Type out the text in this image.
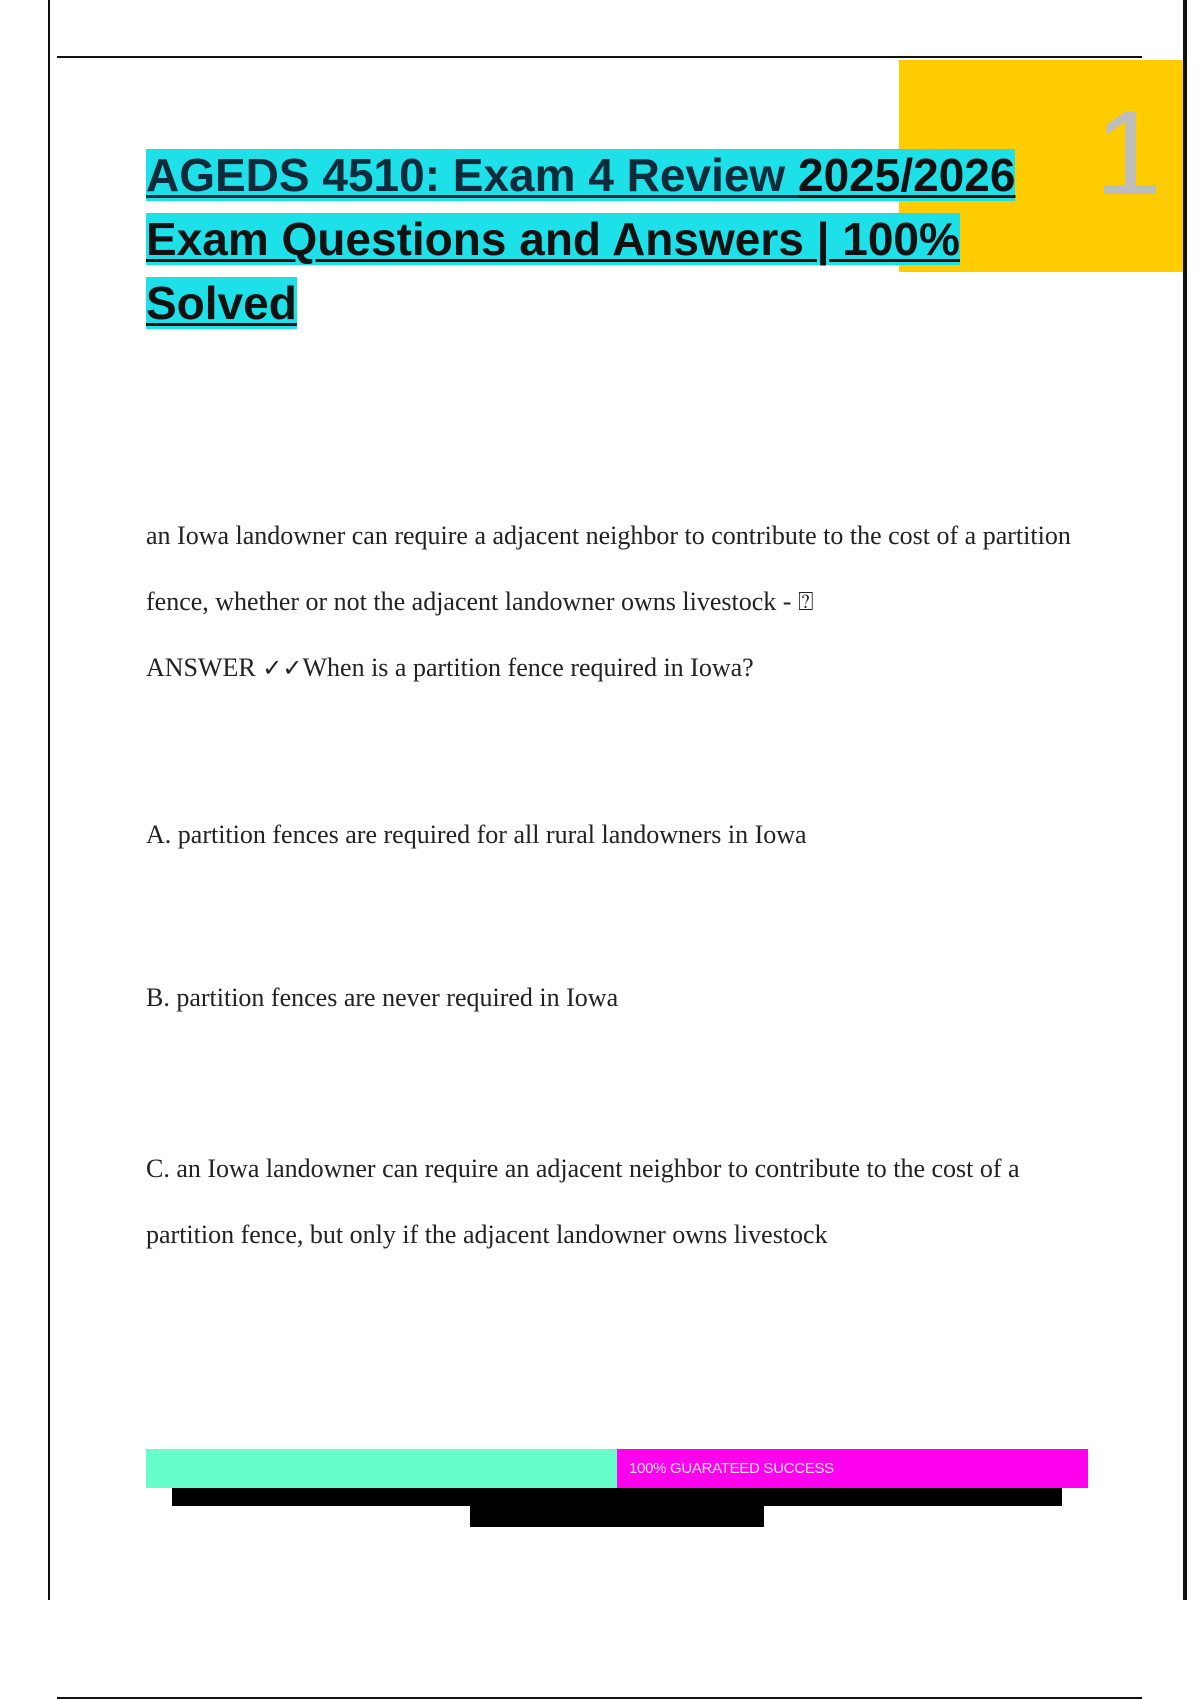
1
AGEDS 4510: Exam 4 Review 2025/2026
Exam Questions and Answers | 100%
Solved

an Iowa landowner can require a adjacent neighbor to contribute to the cost of a partition fence, whether or not the adjacent landowner owns livestock - ⍰
ANSWER ✓✓When is a partition fence required in Iowa?

A. partition fences are required for all rural landowners in Iowa

B. partition fences are never required in Iowa

C. an Iowa landowner can require an adjacent neighbor to contribute to the cost of a partition fence, but only if the adjacent landowner owns livestock

100% GUARATEED SUCCESS
